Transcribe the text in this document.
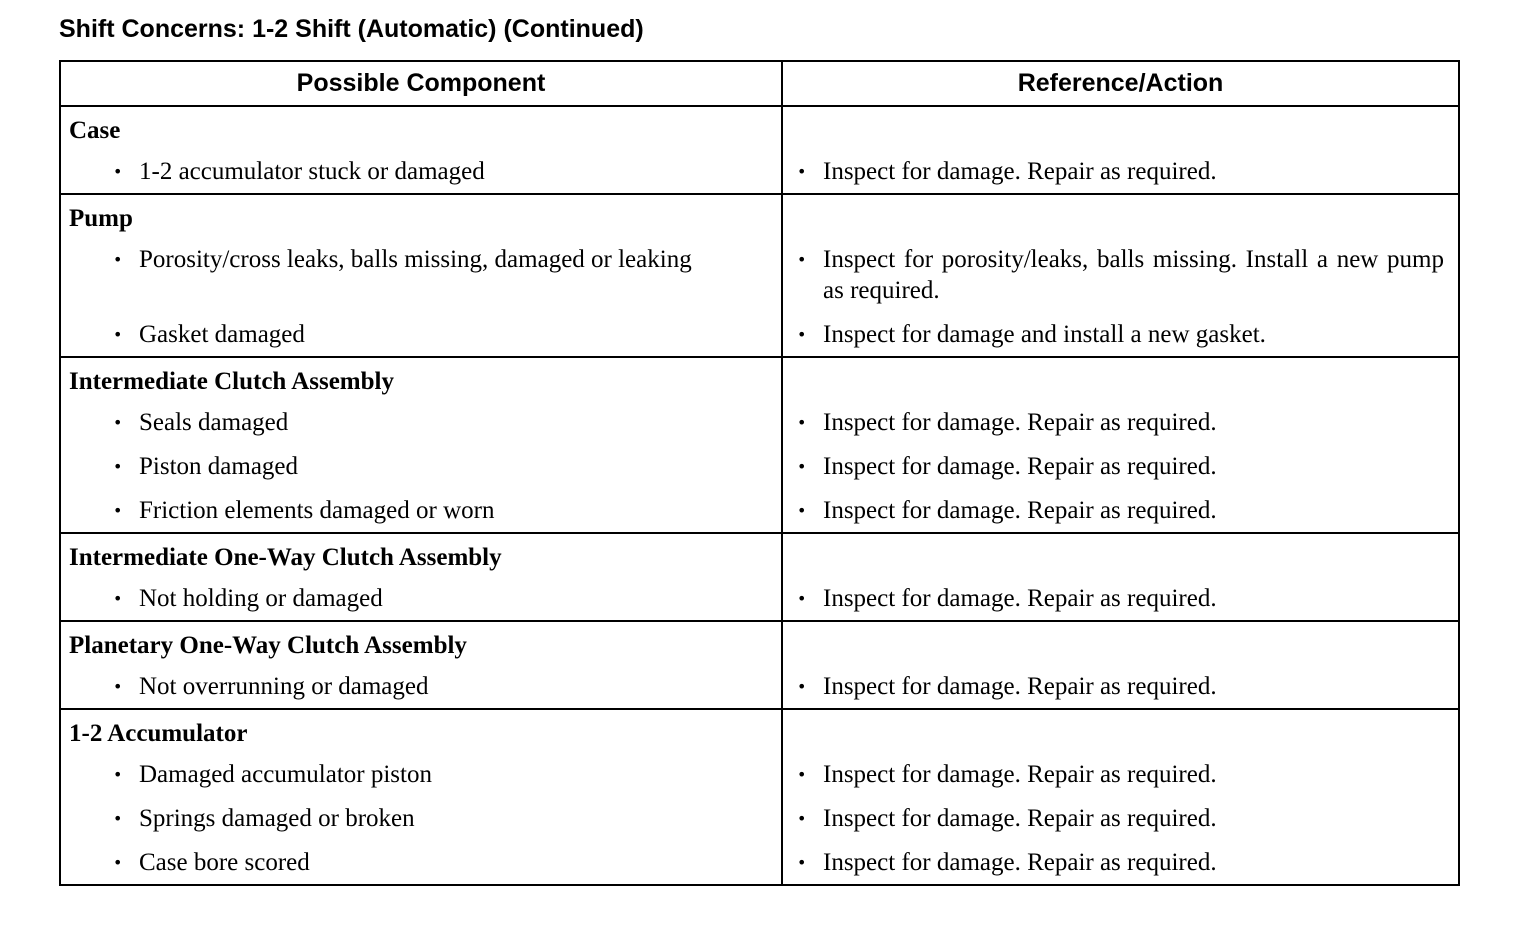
Shift Concerns: 1-2 Shift (Automatic) (Continued)
Possible Component	Reference/Action
Case	

• 1-2 accumulator stuck or damaged	• Inspect for damage. Repair as required.

Pump	

• Porosity/cross leaks, balls missing, damaged or leaking	• Inspect for porosity/leaks, balls missing. Install a new pump as required.

• Gasket damaged	• Inspect for damage and install a new gasket.

Intermediate Clutch Assembly	

• Seals damaged	• Inspect for damage. Repair as required.

• Piston damaged	• Inspect for damage. Repair as required.

• Friction elements damaged or worn	• Inspect for damage. Repair as required.

Intermediate One-Way Clutch Assembly	

• Not holding or damaged	• Inspect for damage. Repair as required.

Planetary One-Way Clutch Assembly	

• Not overrunning or damaged	• Inspect for damage. Repair as required.

1-2 Accumulator	

• Damaged accumulator piston	• Inspect for damage. Repair as required.

• Springs damaged or broken	• Inspect for damage. Repair as required.

• Case bore scored	• Inspect for damage. Repair as required.
